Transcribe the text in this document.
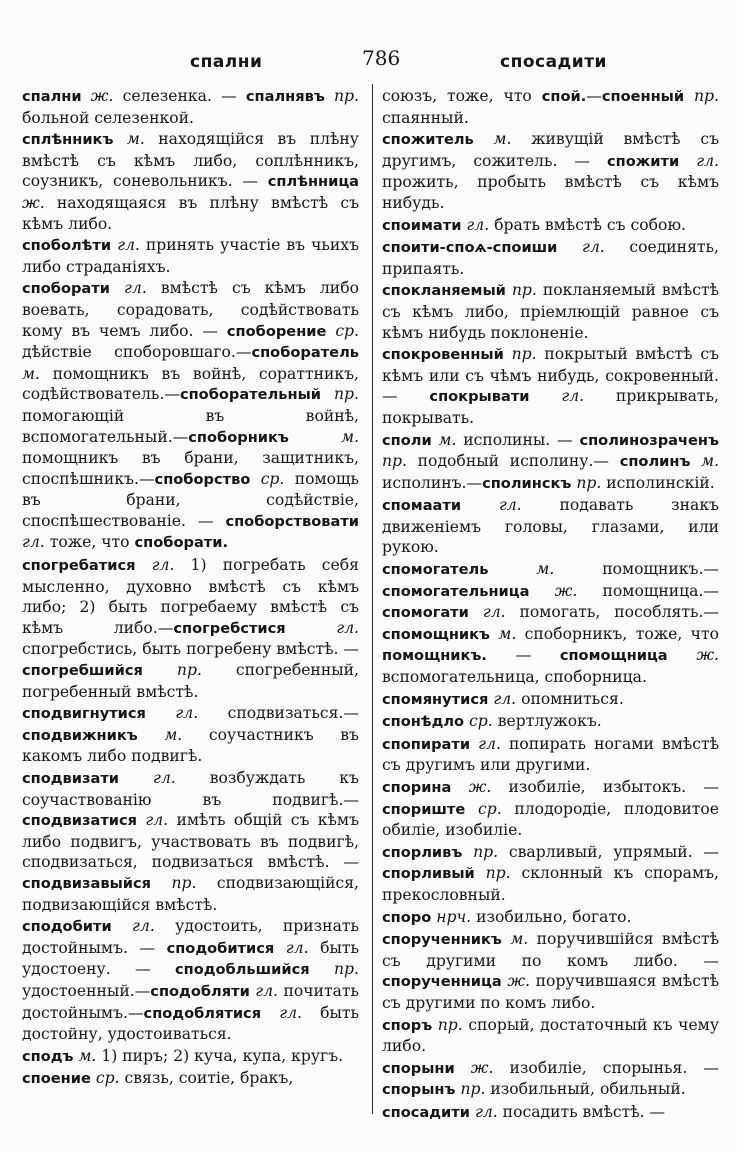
спални	786	спосадити
спални ж. селезенка. — спалнявъ пр. больной селезенкой.
сплѣнникъ м. находящійся въ плѣну вмѣстѣ съ кѣмъ либо, соплѣнникъ, соузникъ, соневольникъ. — сплѣнница ж. находящаяся въ плѣну вмѣстѣ съ кѣмъ либо.
споболѣти гл. принять участіе въ чьихъ либо страданіяхъ.
споборати гл. вмѣстѣ съ кѣмъ либо воевать, сорадовать, содѣйствовать кому въ чемъ либо. — споборение ср. дѣйствіе споборовшаго.—споборатель м. помощникъ въ войнѣ, сораттникъ, содѣйствователь.—споборательный пр. помогающій въ войнѣ, вспомогательный.—споборникъ	м. помощникъ въ брани, защитникъ, споспѣшникъ.—споборство ср. помощь въ брани, содѣйствіе, споспѣшествованіе. — споборствовати гл. тоже, что споборати.
спогребатися гл. 1) погребать себя мысленно, духовно вмѣстѣ съ кѣмъ либо; 2) быть погребаему вмѣстѣ съ кѣмъ либо.—спогребстися	гл. спогребстись, быть погребену вмѣстѣ. — спогребшийся пр. спогребенный, погребенный вмѣстѣ.
сподвигнутися гл. сподвизаться.— сподвижникъ м. соучастникъ въ какомъ либо подвигѣ.
сподвизати гл. возбуждать къ соучаствованію въ подвигѣ.—сподвизатися гл. имѣть общій съ кѣмъ либо подвигъ, участвовать въ подвигѣ, сподвизаться, подвизаться вмѣстѣ. — сподвизавыйся пр. сподвизающійся, подвизающійся вмѣстѣ.
сподобити гл. удостоить, признать достойнымъ. — сподобитися гл. быть удостоену. — сподобльшийся пр. удостоенный.—сподобляти гл. почитать достойнымъ.—сподоблятися гл. быть достойну, удостоиваться.
сподъ м. 1) пиръ; 2) куча, купа, кругъ.
споение ср. связь, соитіе, бракъ,
союзъ, тоже, что спой.—споенный пр. спаянный.
спожитель м. живущій вмѣстѣ съ другимъ, сожитель. — спожити гл. прожить, пробыть вмѣстѣ съ кѣмъ нибудь.
споимати гл. брать вмѣстѣ съ собою.
споити-споѧ-споиши гл. соединять, припаять.
спокланяемый пр. покланяемый вмѣстѣ съ кѣмъ либо, пріемлющій равное съ кѣмъ нибудь поклоненіе.
спокровенный пр. покрытый вмѣстѣ съ кѣмъ или съ чѣмъ нибудь, сокровенный. — спокрывати гл. прикрывать, покрывать.
споли м. исполины. — сполинозраченъ пр. подобный исполину.— сполинъ м. исполинъ.—сполинскъ пр. исполинскій.
спомаати гл. подавать знакъ движеніемъ головы, глазами, или рукою.
спомогатель	м. помощникъ.—спомогательница ж. помощница.—спомогати гл. помогать, пособлять.—спомощникъ м. споборникъ, тоже, что помощникъ. — спомощница ж. вспомогательница, споборница.
спомянутися гл. опомниться.
спонѣдло ср. вертлужокъ.
спопирати гл. попирать ногами вмѣстѣ съ другимъ или другими.
спорина ж. изобиліе, избытокъ. — спориште ср. плодородіе, плодовитое обиліе, изобиліе.
спорливъ пр. сварливый, упрямый. —спорливый пр. склонный къ спорамъ, прекословный.
споро нрч. изобильно, богато.
спорученникъ м. поручившійся вмѣстѣ съ другими по комъ либо. — спорученница ж. поручившаяся вмѣстѣ съ другими по комъ либо.
споръ пр. спорый, достаточный къ чему либо.
спорыни ж. изобиліе, спорынья. — спорынъ пр. изобильный, обильный.
спосадити гл. посадить вмѣстѣ. —
